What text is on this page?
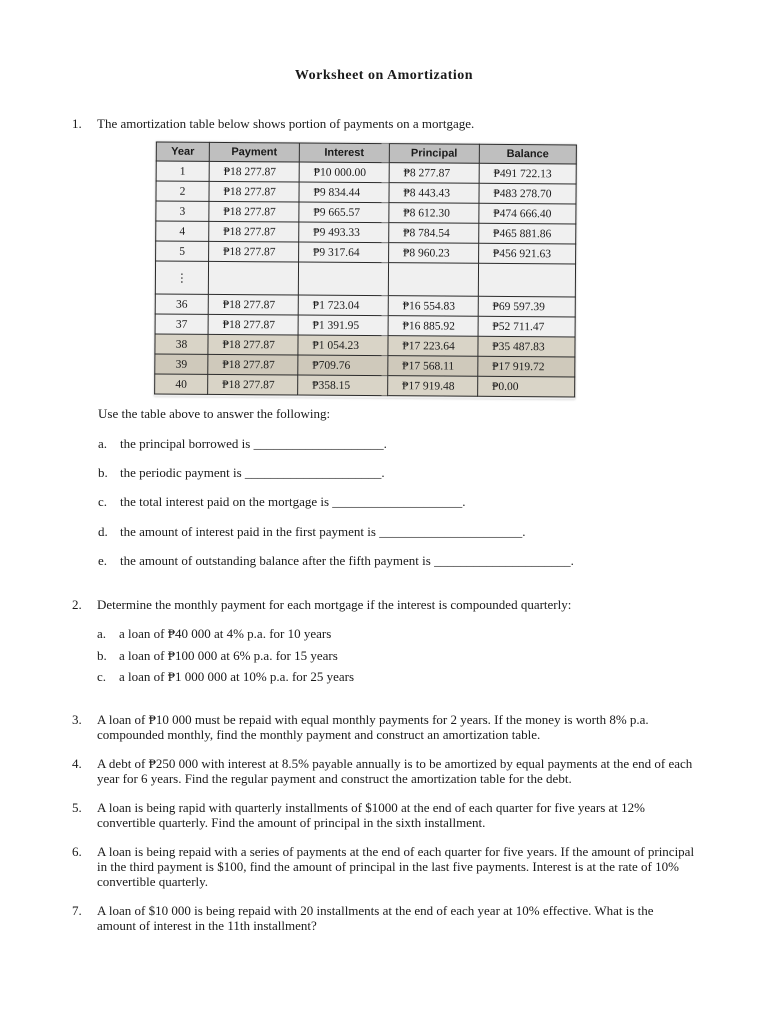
Worksheet on Amortization
1. The amortization table below shows portion of payments on a mortgage.
Year	Payment	Interest	Principal	Balance
1	₱18 277.87	₱10 000.00	₱8 277.87	₱491 722.13
2	₱18 277.87	₱9 834.44	₱8 443.43	₱483 278.70
3	₱18 277.87	₱9 665.57	₱8 612.30	₱474 666.40
4	₱18 277.87	₱9 493.33	₱8 784.54	₱465 881.86
5	₱18 277.87	₱9 317.64	₱8 960.23	₱456 921.63
⋮				
36	₱18 277.87	₱1 723.04	₱16 554.83	₱69 597.39
37	₱18 277.87	₱1 391.95	₱16 885.92	₱52 711.47
38	₱18 277.87	₱1 054.23	₱17 223.64	₱35 487.83
39	₱18 277.87	₱709.76	₱17 568.11	₱17 919.72
40	₱18 277.87	₱358.15	₱17 919.48	₱0.00
Use the table above to answer the following:
a. the principal borrowed is ____________________.
b. the periodic payment is _____________________.
c. the total interest paid on the mortgage is ____________________.
d. the amount of interest paid in the first payment is ______________________.
e. the amount of outstanding balance after the fifth payment is _____________________.
2. Determine the monthly payment for each mortgage if the interest is compounded quarterly:
a. a loan of ₱40 000 at 4% p.a. for 10 years
b. a loan of ₱100 000 at 6% p.a. for 15 years
c. a loan of ₱1 000 000 at 10% p.a. for 25 years
3. A loan of ₱10 000 must be repaid with equal monthly payments for 2 years. If the money is worth 8% p.a. compounded monthly, find the monthly payment and construct an amortization table.
4. A debt of ₱250 000 with interest at 8.5% payable annually is to be amortized by equal payments at the end of each year for 6 years. Find the regular payment and construct the amortization table for the debt.
5. A loan is being rapid with quarterly installments of $1000 at the end of each quarter for five years at 12% convertible quarterly. Find the amount of principal in the sixth installment.
6. A loan is being repaid with a series of payments at the end of each quarter for five years. If the amount of principal in the third payment is $100, find the amount of principal in the last five payments. Interest is at the rate of 10% convertible quarterly.
7. A loan of $10 000 is being repaid with 20 installments at the end of each year at 10% effective. What is the amount of interest in the 11th installment?
